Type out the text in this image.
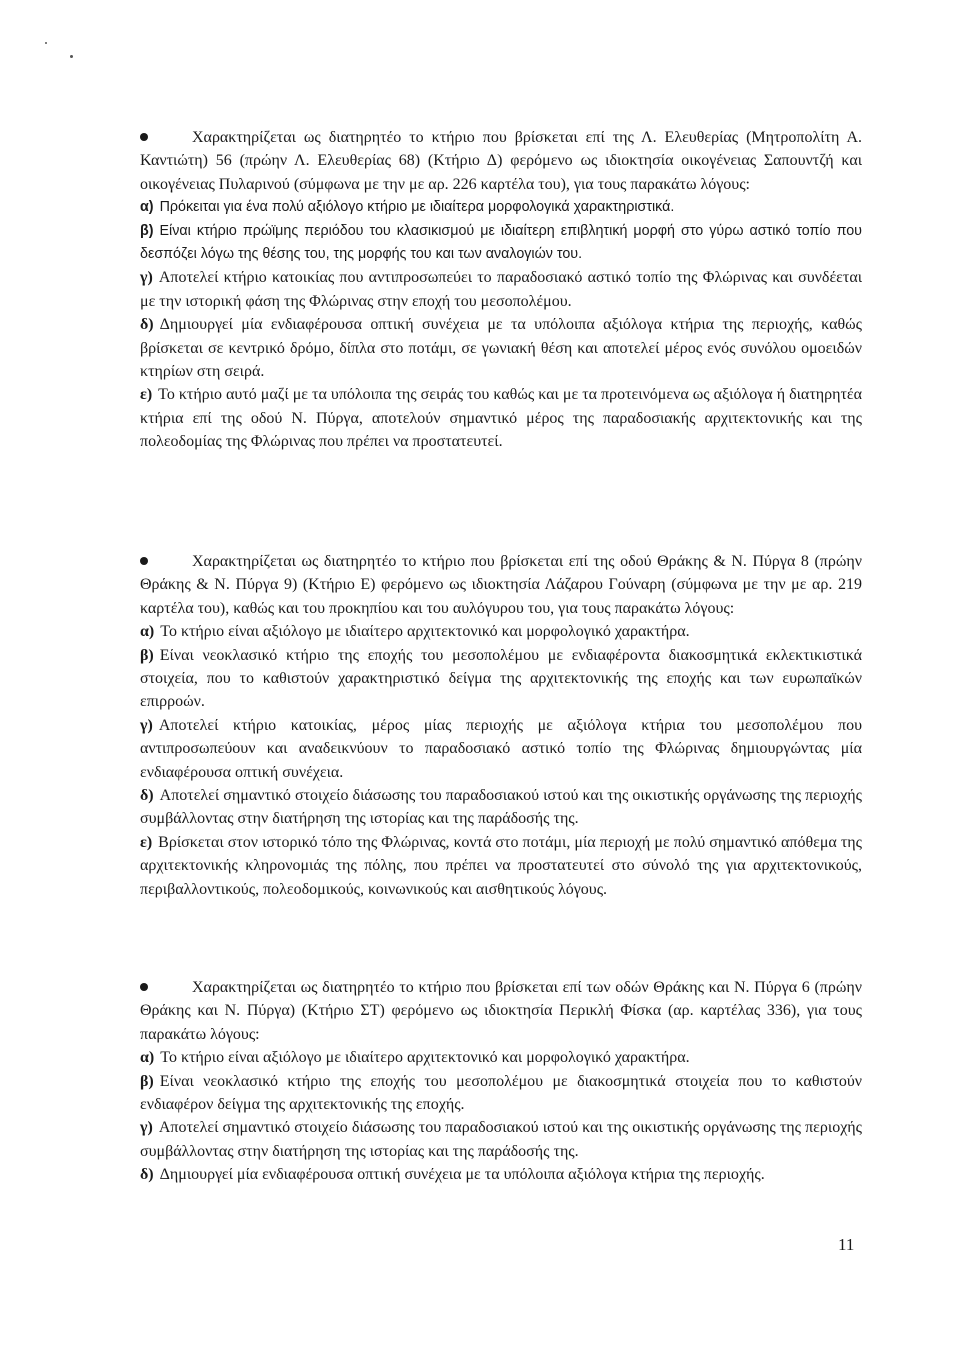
Χαρακτηρίζεται ως διατηρητέο το κτήριο που βρίσκεται επί της Λ. Ελευθερίας (Μητροπολίτη Α. Καντιώτη) 56 (πρώην Λ. Ελευθερίας 68) (Κτήριο Δ) φερόμενο ως ιδιοκτησία οικογένειας Σαπουντζή και οικογένειας Πυλαρινού (σύμφωνα με την με αρ. 226 καρτέλα του), για τους παρακάτω λόγους:
α) Πρόκειται για ένα πολύ αξιόλογο κτήριο με ιδιαίτερα μορφολογικά χαρακτηριστικά.
β) Είναι κτήριο πρώϊμης περιόδου του κλασικισμού με ιδιαίτερη επιβλητική μορφή στο γύρω αστικό τοπίο που δεσπόζει λόγω της θέσης του, της μορφής του και των αναλογιών του.
γ) Αποτελεί κτήριο κατοικίας που αντιπροσωπεύει το παραδοσιακό αστικό τοπίο της Φλώρινας και συνδέεται με την ιστορική φάση της Φλώρινας στην εποχή του μεσοπολέμου.
δ) Δημιουργεί μία ενδιαφέρουσα οπτική συνέχεια με τα υπόλοιπα αξιόλογα κτήρια της περιοχής, καθώς βρίσκεται σε κεντρικό δρόμο, δίπλα στο ποτάμι, σε γωνιακή θέση και αποτελεί μέρος ενός συνόλου ομοειδών κτηρίων στη σειρά.
ε) Το κτήριο αυτό μαζί με τα υπόλοιπα της σειράς του καθώς και με τα προτεινόμενα ως αξιόλογα ή διατηρητέα κτήρια επί της οδού Ν. Πύργα, αποτελούν σημαντικό μέρος της παραδοσιακής αρχιτεκτονικής και της πολεοδομίας της Φλώρινας που πρέπει να προστατευτεί.
Χαρακτηρίζεται ως διατηρητέο το κτήριο που βρίσκεται επί της οδού Θράκης & Ν. Πύργα 8 (πρώην Θράκης & Ν. Πύργα 9) (Κτήριο Ε) φερόμενο ως ιδιοκτησία Λάζαρου Γούναρη (σύμφωνα με την με αρ. 219 καρτέλα του), καθώς και του προκηπίου και του αυλόγυρου του, για τους παρακάτω λόγους:
α) Το κτήριο είναι αξιόλογο με ιδιαίτερο αρχιτεκτονικό και μορφολογικό χαρακτήρα.
β) Είναι νεοκλασικό κτήριο της εποχής του μεσοπολέμου με ενδιαφέροντα διακοσμητικά εκλεκτικιστικά στοιχεία, που το καθιστούν χαρακτηριστικό δείγμα της αρχιτεκτονικής της εποχής και των ευρωπαϊκών επιρροών.
γ) Αποτελεί κτήριο κατοικίας, μέρος μίας περιοχής με αξιόλογα κτήρια του μεσοπολέμου που αντιπροσωπεύουν και αναδεικνύουν το παραδοσιακό αστικό τοπίο της Φλώρινας δημιουργώντας μία ενδιαφέρουσα οπτική συνέχεια.
δ) Αποτελεί σημαντικό στοιχείο διάσωσης του παραδοσιακού ιστού και της οικιστικής οργάνωσης της περιοχής συμβάλλοντας στην διατήρηση της ιστορίας και της παράδοσής της.
ε) Βρίσκεται στον ιστορικό τόπο της Φλώρινας, κοντά στο ποτάμι, μία περιοχή με πολύ σημαντικό απόθεμα της αρχιτεκτονικής κληρονομιάς της πόλης, που πρέπει να προστατευτεί στο σύνολό της για αρχιτεκτονικούς, περιβαλλοντικούς, πολεοδομικούς, κοινωνικούς και αισθητικούς λόγους.
Χαρακτηρίζεται ως διατηρητέο το κτήριο που βρίσκεται επί των οδών Θράκης και Ν. Πύργα 6 (πρώην Θράκης και Ν. Πύργα) (Κτήριο ΣΤ) φερόμενο ως ιδιοκτησία Περικλή Φίσκα (αρ. καρτέλας 336), για τους παρακάτω λόγους:
α) Το κτήριο είναι αξιόλογο με ιδιαίτερο αρχιτεκτονικό και μορφολογικό χαρακτήρα.
β) Είναι νεοκλασικό κτήριο της εποχής του μεσοπολέμου με διακοσμητικά στοιχεία που το καθιστούν ενδιαφέρον δείγμα της αρχιτεκτονικής της εποχής.
γ) Αποτελεί σημαντικό στοιχείο διάσωσης του παραδοσιακού ιστού και της οικιστικής οργάνωσης της περιοχής συμβάλλοντας στην διατήρηση της ιστορίας και της παράδοσής της.
δ) Δημιουργεί μία ενδιαφέρουσα οπτική συνέχεια με τα υπόλοιπα αξιόλογα κτήρια της περιοχής.
11
